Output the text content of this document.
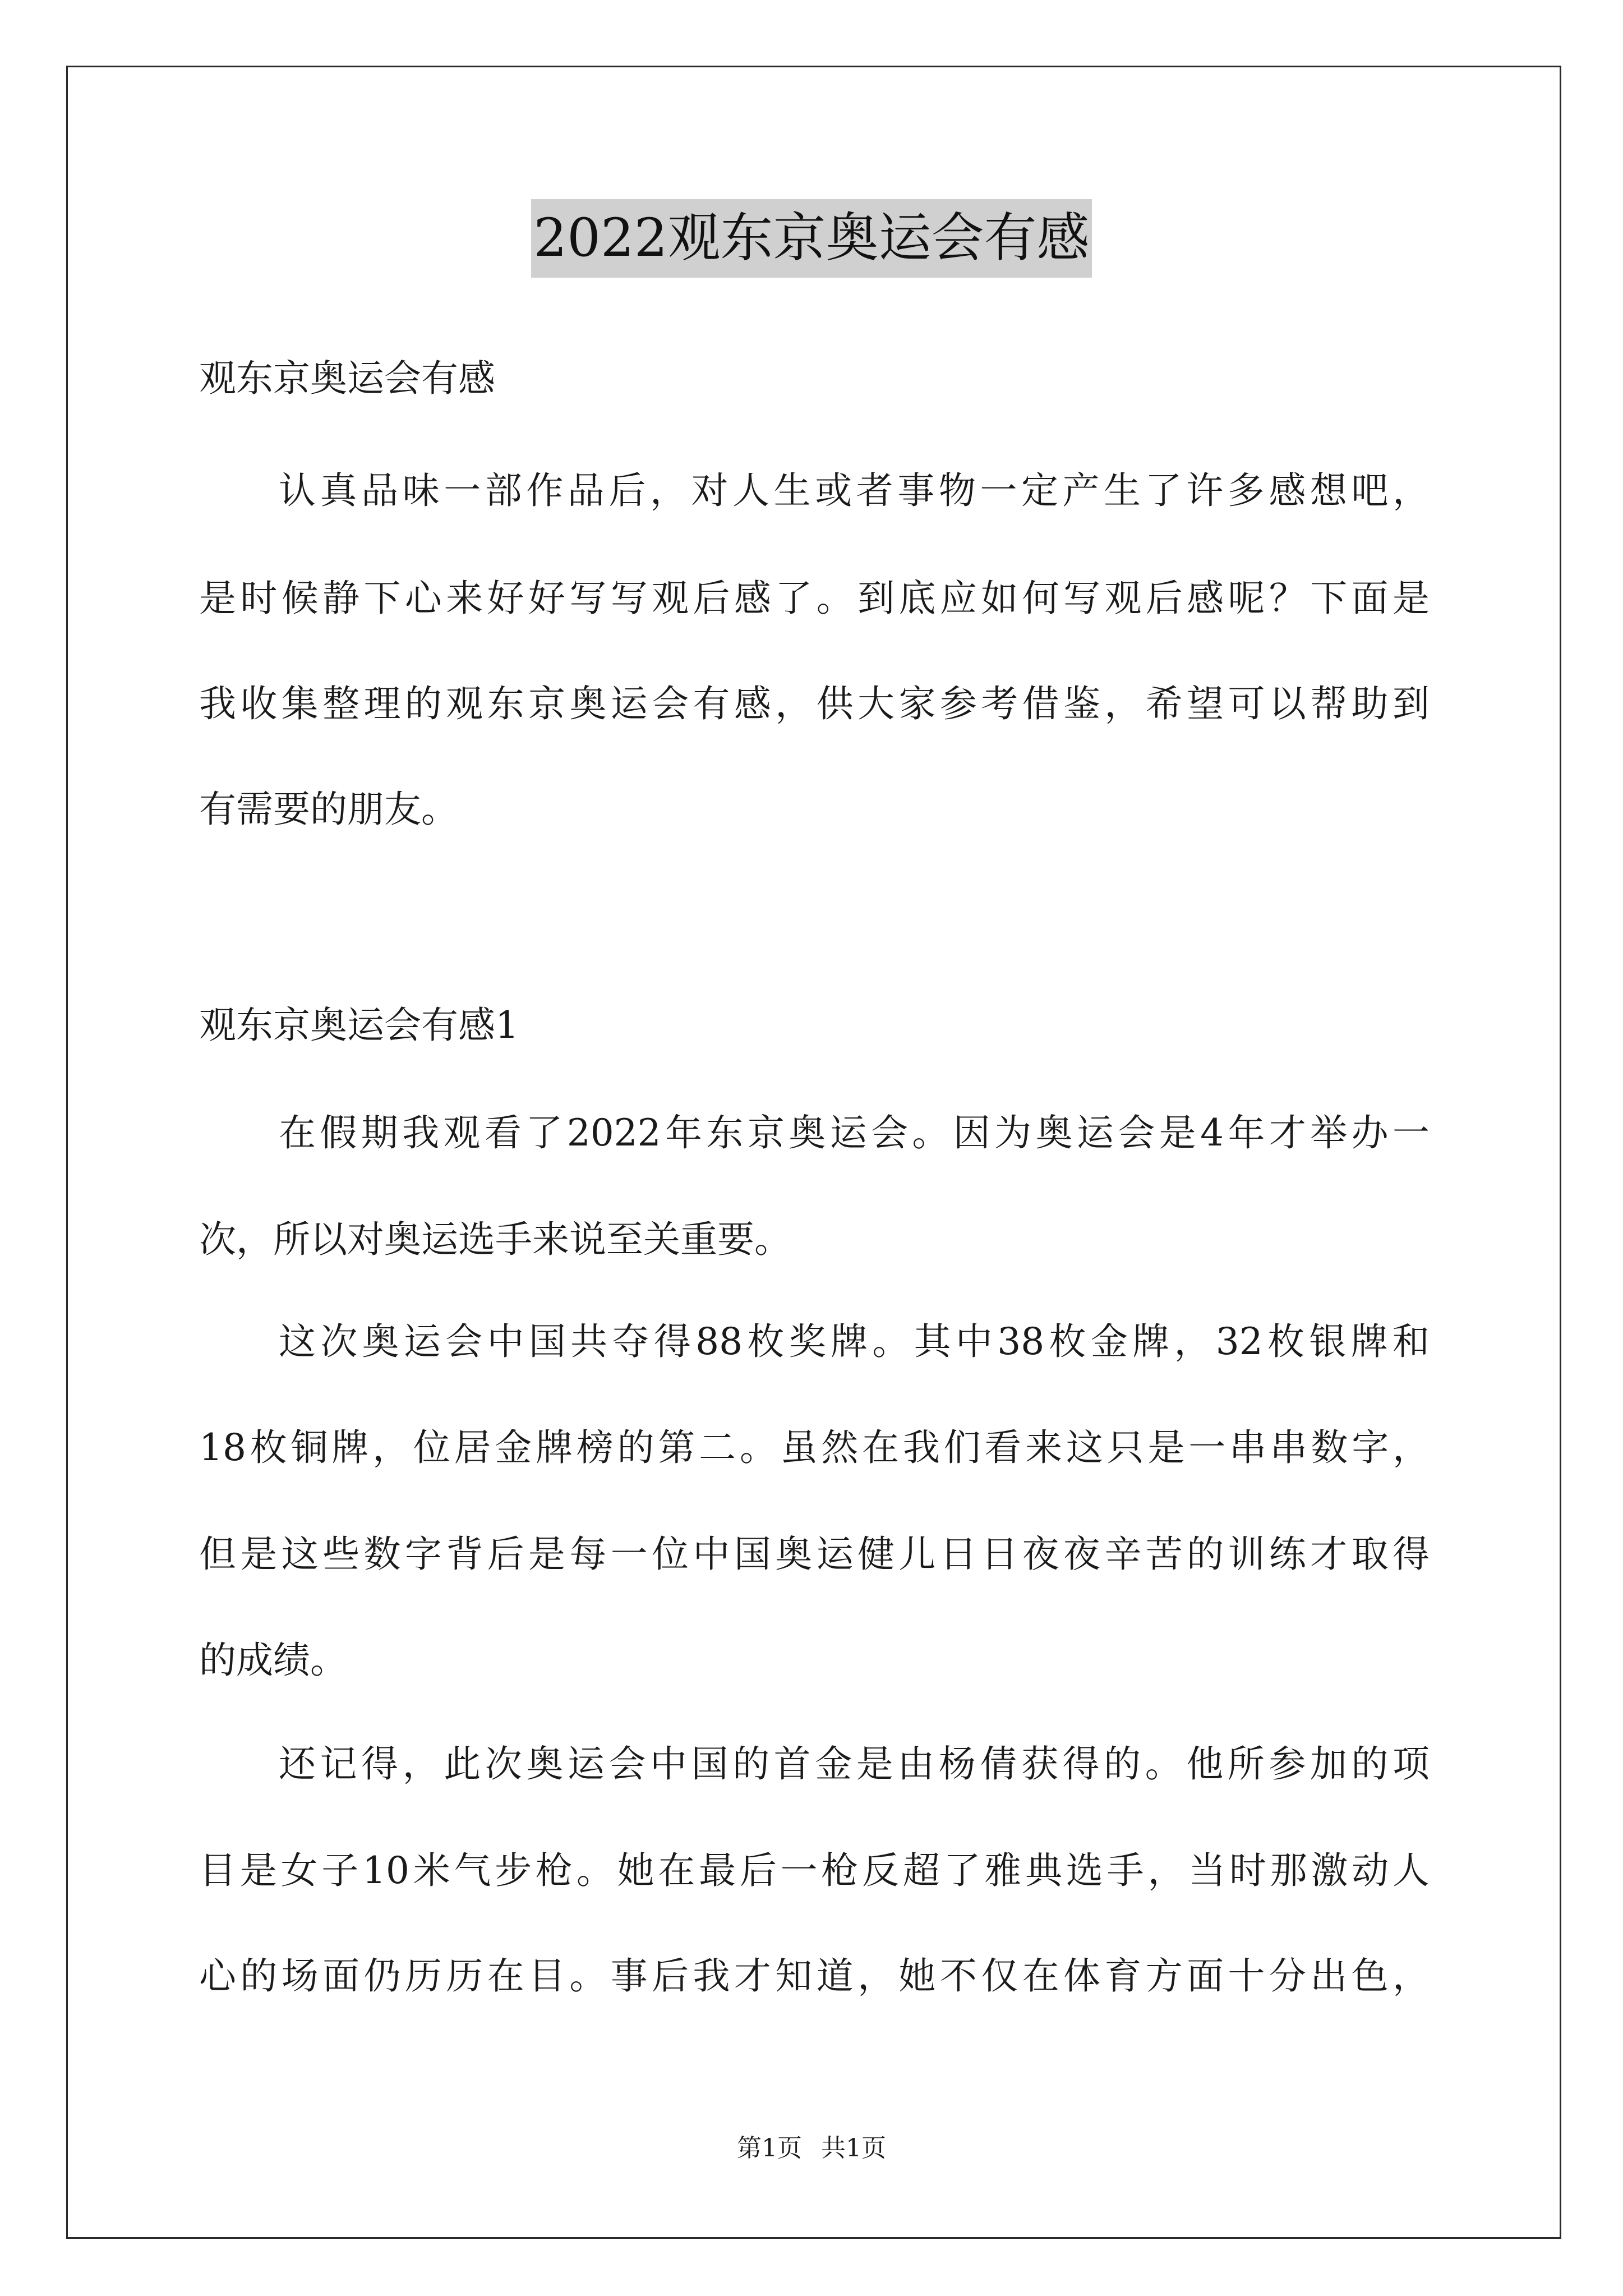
2022观东京奥运会有感
观东京奥运会有感
认真品味一部作品后，对人生或者事物一定产生了许多感想吧，
是时候静下心来好好写写观后感了。到底应如何写观后感呢？下面是
我收集整理的观东京奥运会有感，供大家参考借鉴，希望可以帮助到
有需要的朋友。
观东京奥运会有感1
在假期我观看了2022年东京奥运会。因为奥运会是4年才举办一
次，所以对奥运选手来说至关重要。
这次奥运会中国共夺得88枚奖牌。其中38枚金牌，32枚银牌和
18枚铜牌，位居金牌榜的第二。虽然在我们看来这只是一串串数字，
但是这些数字背后是每一位中国奥运健儿日日夜夜辛苦的训练才取得
的成绩。
还记得，此次奥运会中国的首金是由杨倩获得的。他所参加的项
目是女子10米气步枪。她在最后一枪反超了雅典选手，当时那激动人
心的场面仍历历在目。事后我才知道，她不仅在体育方面十分出色，
第1页 共1页
